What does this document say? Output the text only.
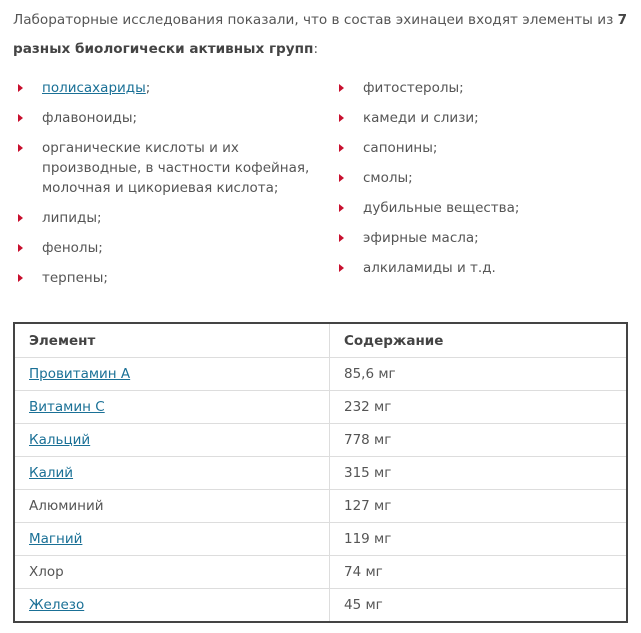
Лабораторные исследования показали, что в состав эхинацеи входят элементы из 7 разных биологически активных групп:

полисахариды;
флавоноиды;
органические кислоты и их производные, в частности кофейная, молочная и цикориевая кислота;
липиды;
фенолы;
терпены;
фитостеролы;
камеди и слизи;
сапонины;
смолы;
дубильные вещества;
эфирные масла;
алкиламиды и т.д.
Элемент	Содержание
Провитамин А	85,6 мг
Витамин С	232 мг
Кальций	778 мг
Калий	315 мг
Алюминий	127 мг
Магний	119 мг
Хлор	74 мг
Железо	45 мг
